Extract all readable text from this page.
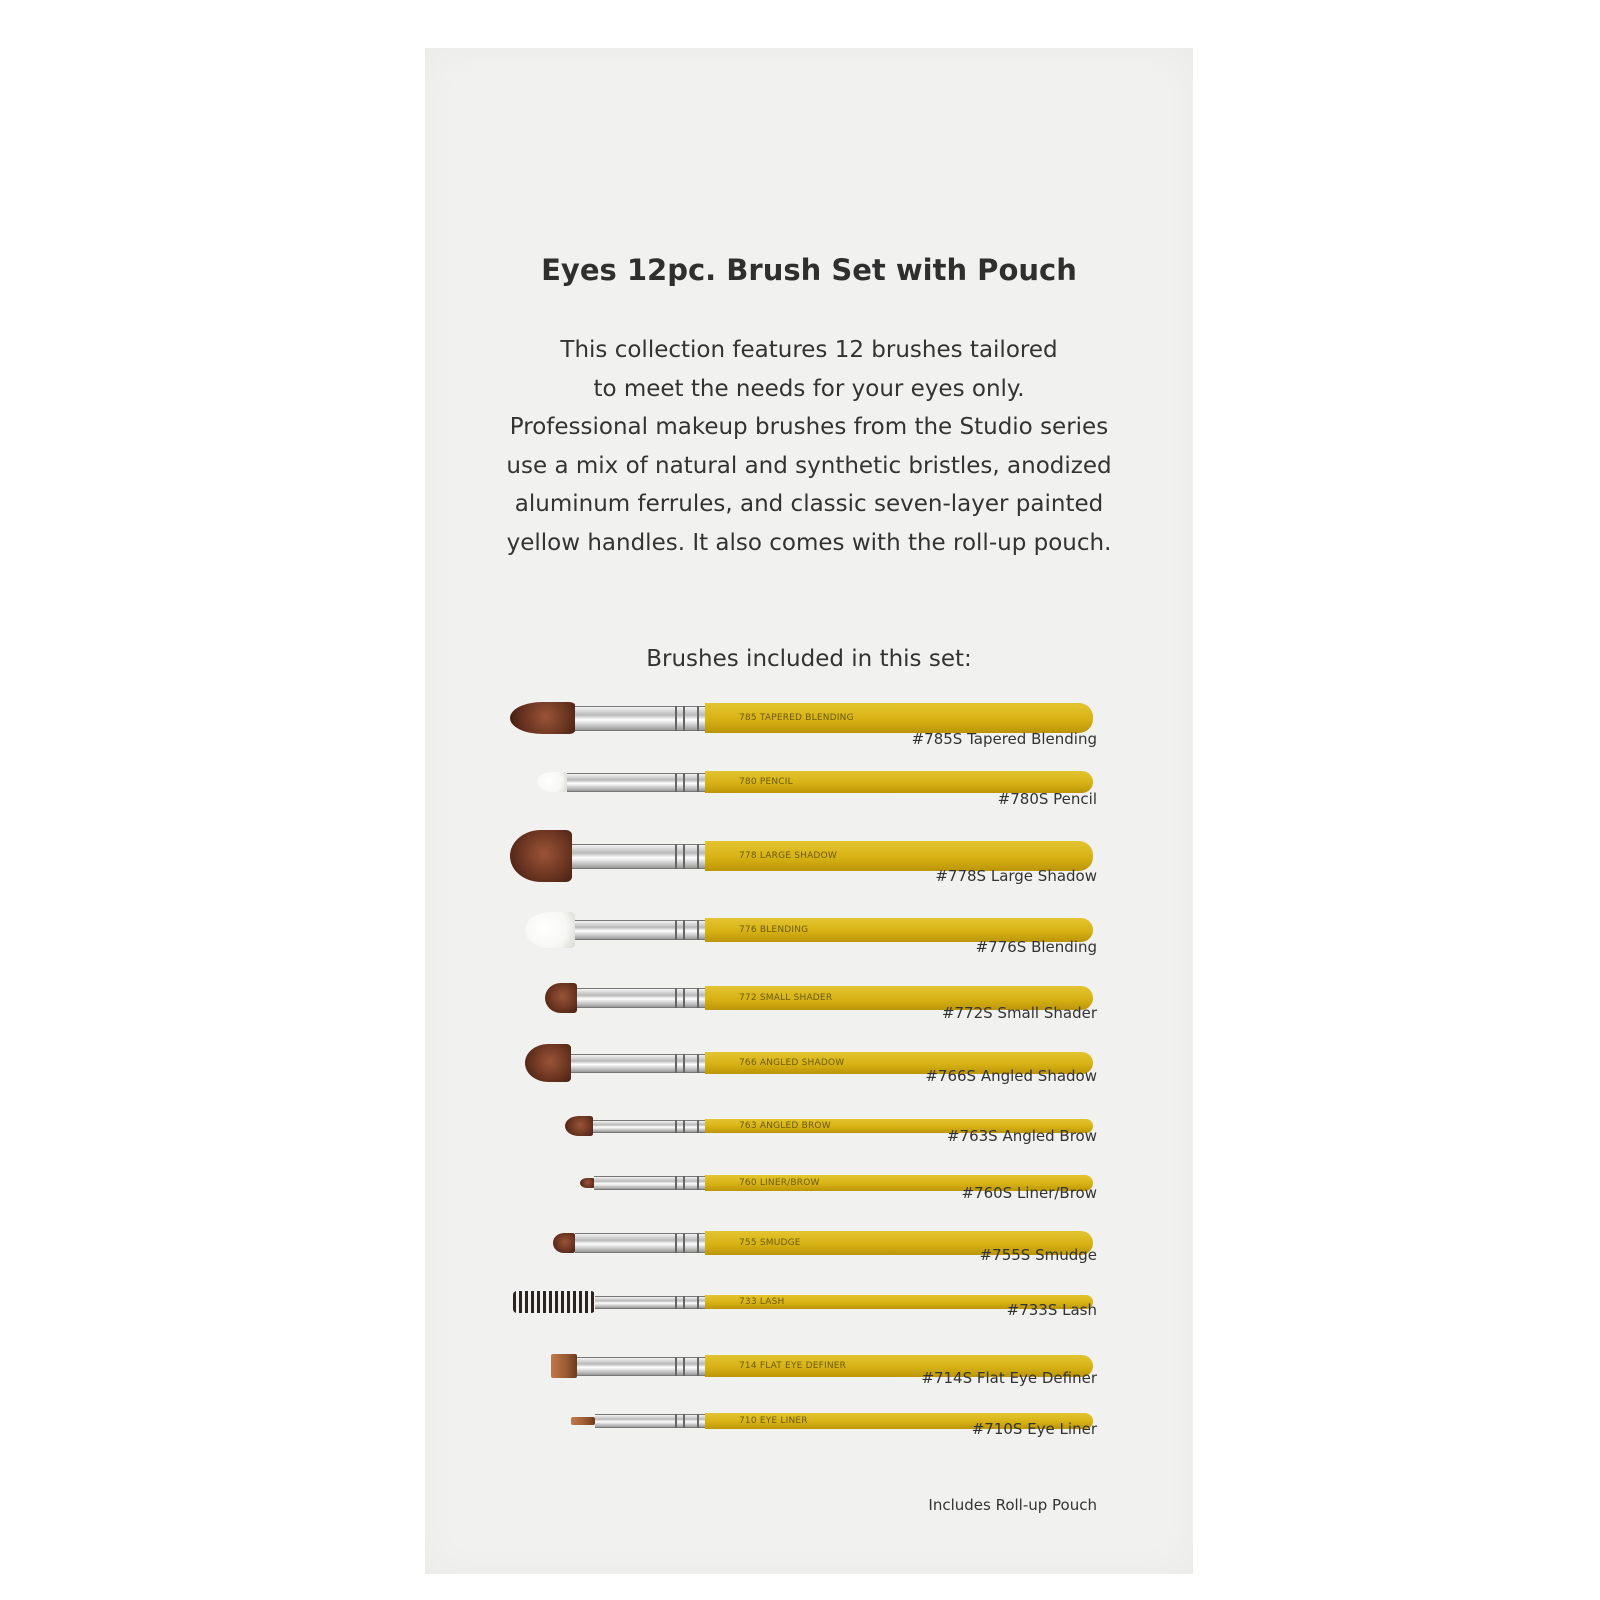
Eyes 12pc. Brush Set with Pouch
This collection features 12 brushes tailored
to meet the needs for your eyes only.
Professional makeup brushes from the Studio series
use a mix of natural and synthetic bristles, anodized
aluminum ferrules, and classic seven-layer painted
yellow handles. It also comes with the roll-up pouch.
Brushes included in this set:
785 TAPERED BLENDING
780 PENCIL
778 LARGE SHADOW
776 BLENDING
772 SMALL SHADER
766 ANGLED SHADOW
763 ANGLED BROW
760 LINER/BROW
755 SMUDGE
733 LASH
714 FLAT EYE DEFINER
710 EYE LINER
Includes Roll-up Pouch
#785S Tapered Blending
#780S Pencil
#778S Large Shadow
#776S Blending
#772S Small Shader
#766S Angled Shadow
#763S Angled Brow
#760S Liner/Brow
#755S Smudge
#733S Lash
#714S Flat Eye Definer
#710S Eye Liner
